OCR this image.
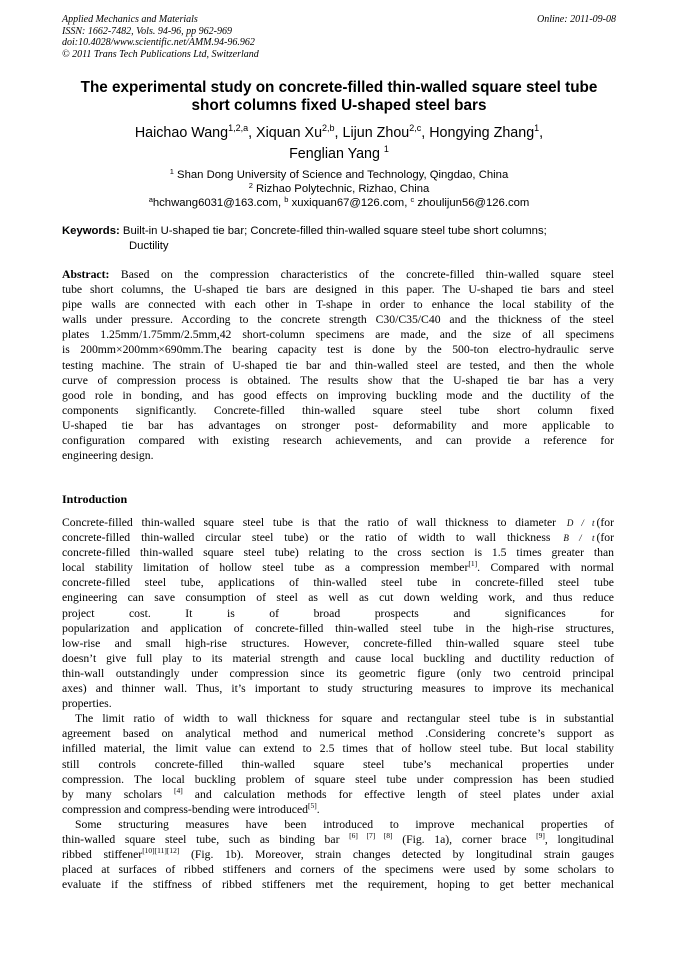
Applied Mechanics and Materials
ISSN: 1662-7482, Vols. 94-96, pp 962-969
doi:10.4028/www.scientific.net/AMM.94-96.962
© 2011 Trans Tech Publications Ltd, Switzerland
Online: 2011-09-08
The experimental study on concrete-filled thin-walled square steel tube
short columns fixed U-shaped steel bars
Haichao Wang$^{1,2,a}$, Xiquan Xu$^{2,b}$, Lijun Zhou$^{2,c}$, Hongying Zhang$^1$,
Fenglian Yang $^1$
$^1$ Shan Dong University of Science and Technology, Qingdao, China
$^2$ Rizhao Polytechnic, Rizhao, China
$^a$hchwang6031@163.com, $^b$ xuxiquan67@126.com, $^c$ zhoulijun56@126.com
Keywords: Built-in U-shaped tie bar; Concrete-filled thin-walled square steel tube short columns;
Ductility
Abstract: Based on the compression characteristics of the concrete-filled thin-walled square steel
tube short columns, the U-shaped tie bars are designed in this paper. The U-shaped tie bars and steel
pipe walls are connected with each other in T-shape in order to enhance the local stability of the
walls under pressure. According to the concrete strength C30/C35/C40 and the thickness of the steel
plates 1.25mm/1.75mm/2.5mm,42 short-column specimens are made, and the size of all specimens
is 200mm×200mm×690mm.The bearing capacity test is done by the 500-ton electro-hydraulic serve
testing machine. The strain of U-shaped tie bar and thin-walled steel are tested, and then the whole
curve of compression process is obtained. The results show that the U-shaped tie bar has a very
good role in bonding, and has good effects on improving buckling mode and the ductility of the
components significantly. Concrete-filled thin-walled square steel tube short column fixed
U-shaped tie bar has advantages on stronger post- deformability and more applicable to
configuration compared with existing research achievements, and can provide a reference for
engineering design.
Introduction
Concrete-filled thin-walled square steel tube is that the ratio of wall thickness to diameter D / t (for
concrete-filled thin-walled circular steel tube) or the ratio of width to wall thickness B / t (for
concrete-filled thin-walled square steel tube) relating to the cross section is 1.5 times greater than
local stability limitation of hollow steel tube as a compression member[1]. Compared with normal
concrete-filled steel tube, applications of thin-walled steel tube in concrete-filled steel tube
engineering can save consumption of steel as well as cut down welding work, and thus reduce
project cost. It is of broad prospects and significances for
popularization and application of concrete-filled thin-walled steel tube in the high-rise structures,
low-rise and small high-rise structures. However, concrete-filled thin-walled square steel tube
doesn’t give full play to its material strength and cause local buckling and ductility reduction of
thin-wall outstandingly under compression since its geometric figure (only two centroid principal
axes) and thinner wall. Thus, it’s important to study structuring measures to improve its mechanical
properties.
The limit ratio of width to wall thickness for square and rectangular steel tube is in substantial
agreement based on analytical method and numerical method .Considering concrete’s support as
infilled material, the limit value can extend to 2.5 times that of hollow steel tube. But local stability
still controls concrete-filled thin-walled square steel tube’s mechanical properties under
compression. The local buckling problem of square steel tube under compression has been studied
by many scholars [4] and calculation methods for effective length of steel plates under axial
compression and compress-bending were introduced[5].
Some structuring measures have been introduced to improve mechanical properties of
thin-walled square steel tube, such as binding bar [6] [7] [8] (Fig. 1a), corner brace [9], longitudinal
ribbed stiffener[10][11][12] (Fig. 1b). Moreover, strain changes detected by longitudinal strain gauges
placed at surfaces of ribbed stiffeners and corners of the specimens were used by some scholars to
evaluate if the stiffness of ribbed stiffeners met the requirement, hoping to get better mechanical
